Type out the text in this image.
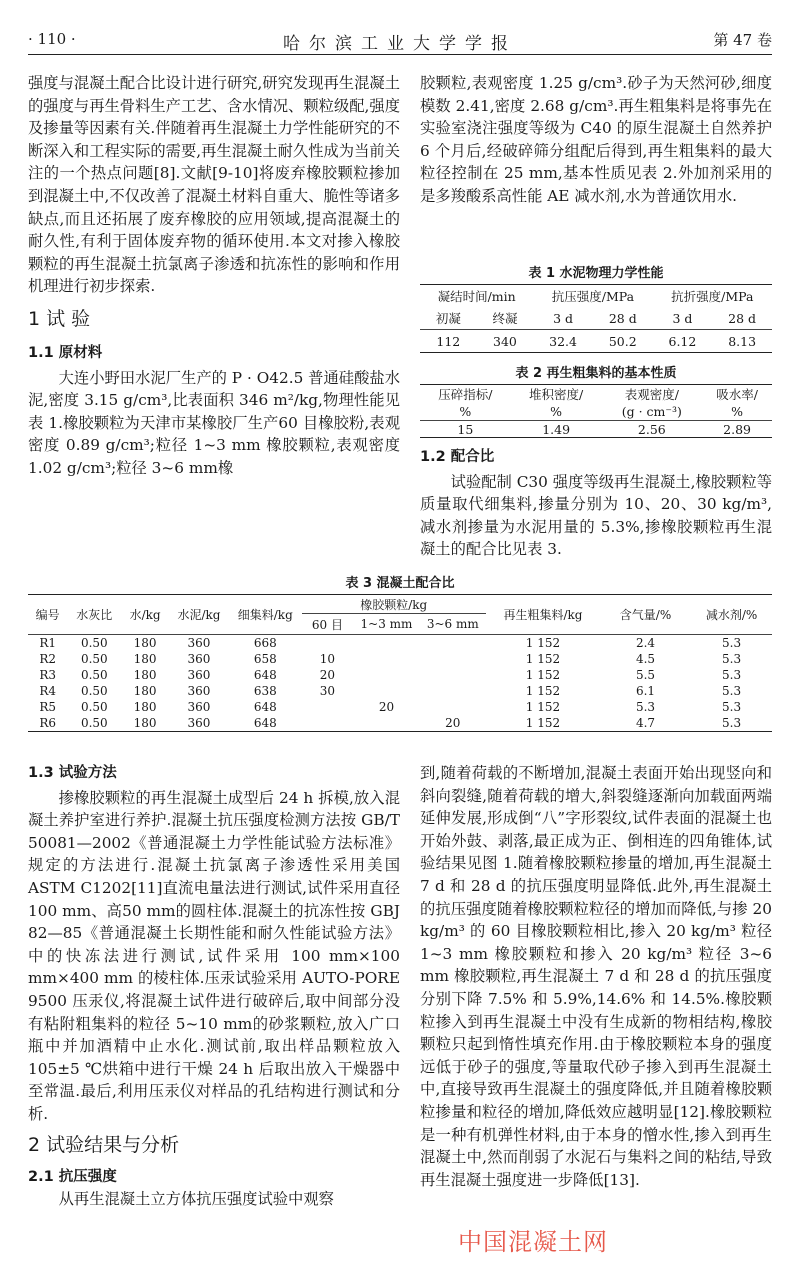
· 110 ·	哈尔滨工业大学学报	第 47 卷

强度与混凝土配合比设计进行研究,研究发现再生混凝土的强度与再生骨料生产工艺、含水情况、颗粒级配,强度及掺量等因素有关.伴随着再生混凝土力学性能研究的不断深入和工程实际的需要,再生混凝土耐久性成为当前关注的一个热点问题[8].文献[9-10]将废弃橡胶颗粒掺加到混凝土中,不仅改善了混凝土材料自重大、脆性等诸多缺点,而且还拓展了废弃橡胶的应用领域,提高混凝土的耐久性,有利于固体废弃物的循环使用.本文对掺入橡胶颗粒的再生混凝土抗氯离子渗透和抗冻性的影响和作用机理进行初步探索.

1 试 验

1.1 原材料

大连小野田水泥厂生产的 P · O42.5 普通硅酸盐水泥,密度 3.15 g/cm³,比表面积 346 m²/kg,物理性能见表 1.橡胶颗粒为天津市某橡胶厂生产60 目橡胶粉,表观密度 0.89 g/cm³;粒径 1~3 mm 橡胶颗粒,表观密度 1.02 g/cm³;粒径 3~6 mm橡

胶颗粒,表观密度 1.25 g/cm³.砂子为天然河砂,细度模数 2.41,密度 2.68 g/cm³.再生粗集料是将事先在实验室浇注强度等级为 C40 的原生混凝土自然养护 6 个月后,经破碎筛分组配后得到,再生粗集料的最大粒径控制在 25 mm,基本性质见表 2.外加剂采用的是多羧酸系高性能 AE 减水剂,水为普通饮用水.

表 1 水泥物理力学性能
凝结时间/min		抗压强度/MPa		抗折强度/MPa	
初凝	终凝	3 d	28 d	3 d	28 d
112	340	32.4	50.2	6.12	8.13
表 2 再生粗集料的基本性质
压碎指标/	堆积密度/	表观密度/	吸水率/
%	%	(g · cm⁻³)	%
15	1.49	2.56	2.89

1.2 配合比

试验配制 C30 强度等级再生混凝土,橡胶颗粒等质量取代细集料,掺量分别为 10、20、30 kg/m³,减水剂掺量为水泥用量的 5.3%,掺橡胶颗粒再生混凝土的配合比见表 3.

表 3 混凝土配合比
编号	水灰比	水/kg	水泥/kg	细集料/kg	橡胶颗粒/kg			再生粗集料/kg	含气量/%	减水剂/%
					60 目	1~3 mm	3~6 mm			
R1	0.50	180	360	668				1 152	2.4	5.3
R2	0.50	180	360	658	10			1 152	4.5	5.3
R3	0.50	180	360	648	20			1 152	5.5	5.3
R4	0.50	180	360	638	30			1 152	6.1	5.3
R5	0.50	180	360	648		20		1 152	5.3	5.3
R6	0.50	180	360	648			20	1 152	4.7	5.3

1.3 试验方法

掺橡胶颗粒的再生混凝土成型后 24 h 拆模,放入混凝土养护室进行养护.混凝土抗压强度检测方法按 GB/T 50081—2002《普通混凝土力学性能试验方法标准》规定的方法进行.混凝土抗氯离子渗透性采用美国 ASTM C1202[11]直流电量法进行测试,试件采用直径 100 mm、高50 mm的圆柱体.混凝土的抗冻性按 GBJ 82—85《普通混凝土长期性能和耐久性能试验方法》中的快冻法进行测试,试件采用 100 mm×100 mm×400 mm 的棱柱体.压汞试验采用 AUTO-PORE 9500 压汞仪,将混凝土试件进行破碎后,取中间部分没有粘附粗集料的粒径 5~10 mm的砂浆颗粒,放入广口瓶中并加酒精中止水化.测试前,取出样品颗粒放入 105±5 ℃烘箱中进行干燥 24 h 后取出放入干燥器中至常温.最后,利用压汞仪对样品的孔结构进行测试和分析.

2 试验结果与分析

2.1 抗压强度

从再生混凝土立方体抗压强度试验中观察

到,随着荷载的不断增加,混凝土表面开始出现竖向和斜向裂缝,随着荷载的增大,斜裂缝逐渐向加载面两端延伸发展,形成倒“八”字形裂纹,试件表面的混凝土也开始外鼓、剥落,最正成为正、倒相连的四角锥体,试验结果见图 1.随着橡胶颗粒掺量的增加,再生混凝土 7 d 和 28 d 的抗压强度明显降低.此外,再生混凝土的抗压强度随着橡胶颗粒粒径的增加而降低,与掺 20 kg/m³ 的 60 目橡胶颗粒相比,掺入 20 kg/m³ 粒径 1~3 mm 橡胶颗粒和掺入 20 kg/m³ 粒径 3~6 mm 橡胶颗粒,再生混凝土 7 d 和 28 d 的抗压强度分别下降 7.5% 和 5.9%,14.6% 和 14.5%.橡胶颗粒掺入到再生混凝土中没有生成新的物相结构,橡胶颗粒只起到惰性填充作用.由于橡胶颗粒本身的强度远低于砂子的强度,等量取代砂子掺入到再生混凝土中,直接导致再生混凝土的强度降低,并且随着橡胶颗粒掺量和粒径的增加,降低效应越明显[12].橡胶颗粒是一种有机弹性材料,由于本身的憎水性,掺入到再生混凝土中,然而削弱了水泥石与集料之间的粘结,导致再生混凝土强度进一步降低[13].

中国混凝土网
